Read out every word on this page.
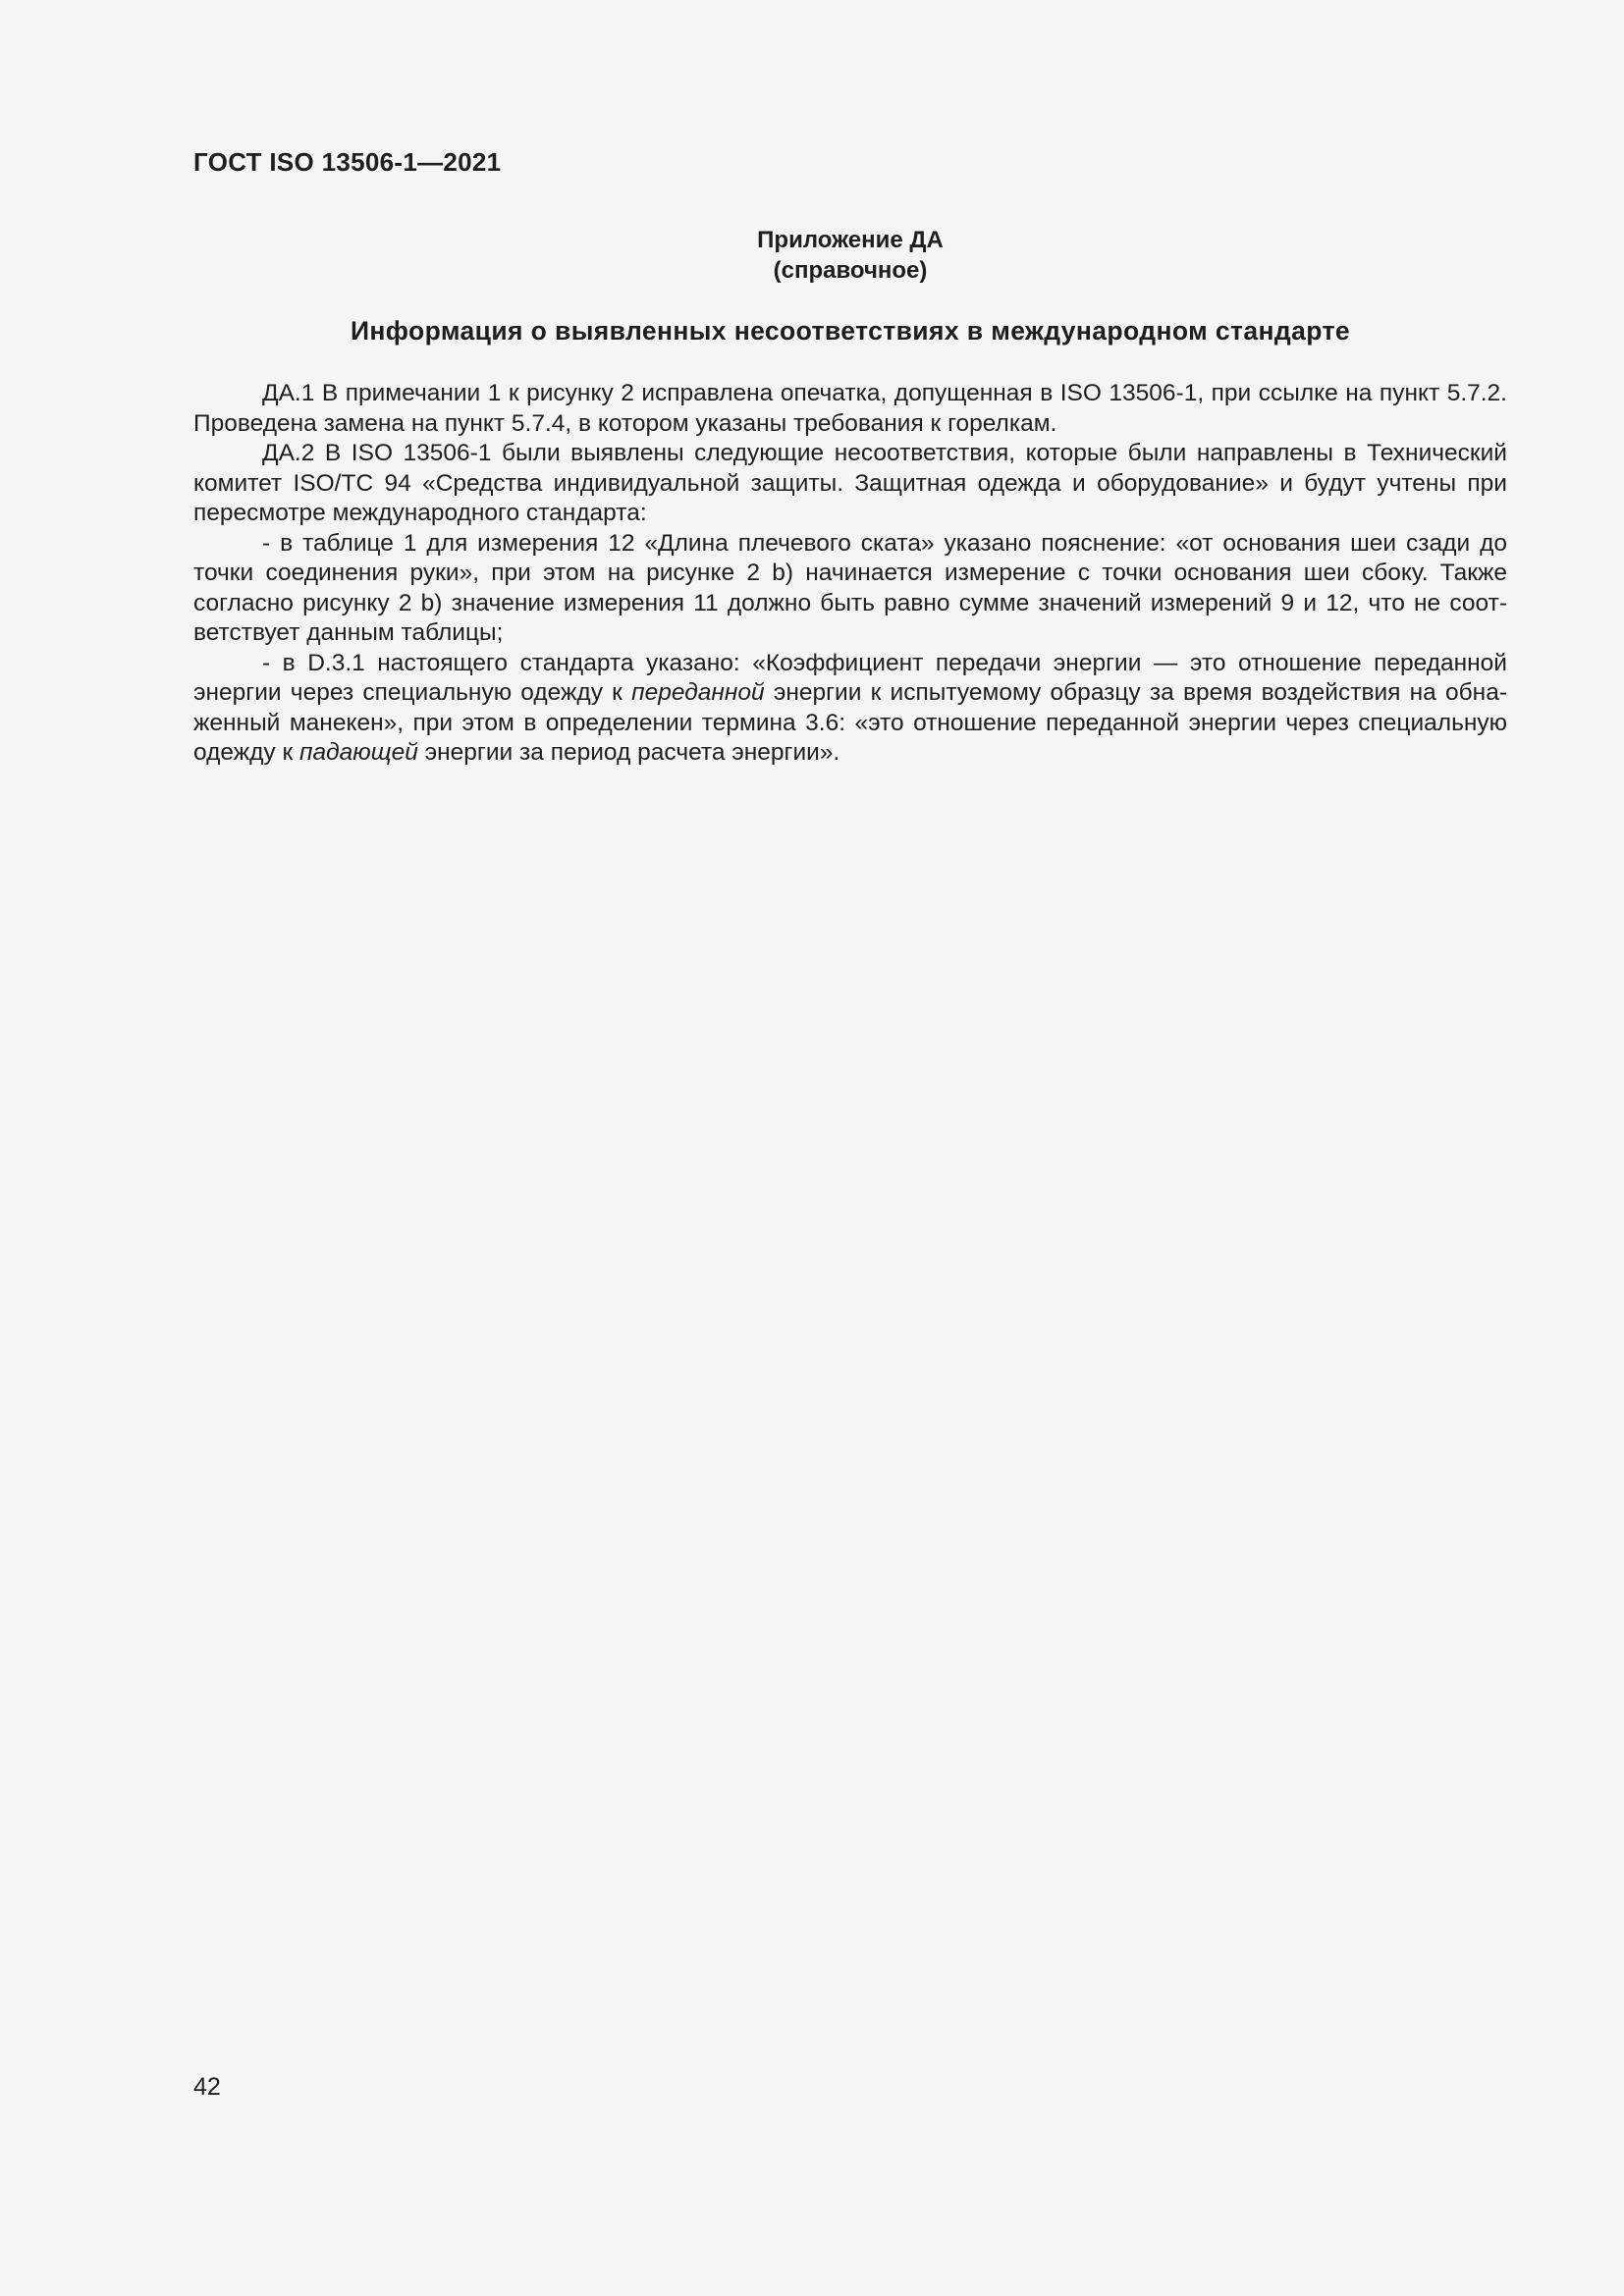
ГОСТ ISO 13506-1—2021
Приложение ДА
(справочное)
Информация о выявленных несоответствиях в международном стандарте

ДА.1 В примечании 1 к рисунку 2 исправлена опечатка, допущенная в ISO 13506-1, при ссылке на пункт 5.7.2. Проведена замена на пункт 5.7.4, в котором указаны требования к горелкам.

ДА.2 В ISO 13506-1 были выявлены следующие несоответствия, которые были направлены в Технический комитет ISO/TC 94 «Средства индивидуальной защиты. Защитная одежда и оборудование» и будут учтены при пересмотре международного стандарта:

- в таблице 1 для измерения 12 «Длина плечевого ската» указано пояснение: «от основания шеи сзади до точки соединения руки», при этом на рисунке 2 b) начинается измерение с точки основания шеи сбоку. Также согласно рисунку 2 b) значение измерения 11 должно быть равно сумме значений измерений 9 и 12, что не соответствует данным таблицы;

- в D.3.1 настоящего стандарта указано: «Коэффициент передачи энергии — это отношение переданной энергии через специальную одежду к переданной энергии к испытуемому образцу за время воздействия на обнаженный манекен», при этом в определении термина 3.6: «это отношение переданной энергии через специальную одежду к падающей энергии за период расчета энергии».

42
